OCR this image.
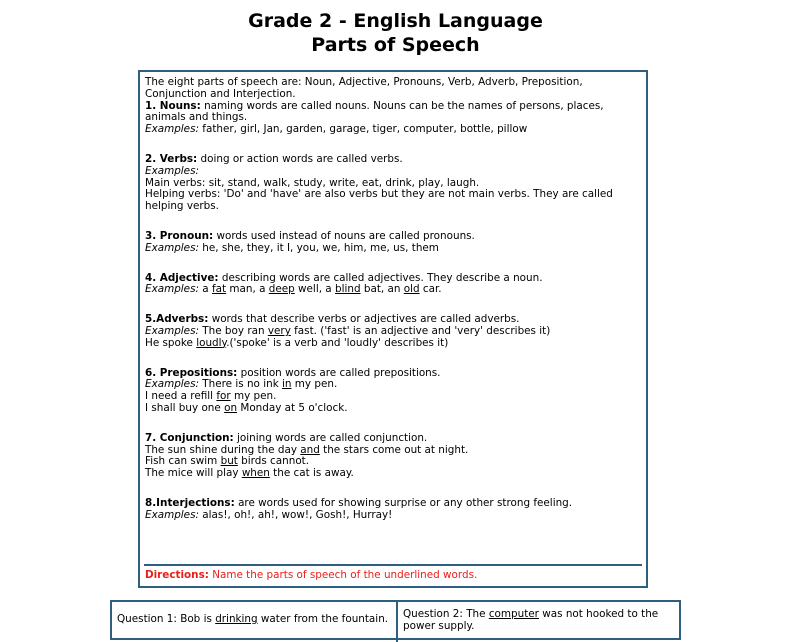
Grade 2 - English Language
Parts of Speech

The eight parts of speech are: Noun, Adjective, Pronouns, Verb, Adverb, Preposition, Conjunction and Interjection.

1. Nouns: naming words are called nouns. Nouns can be the names of persons, places, animals and things.

Examples: father, girl, Jan, garden, garage, tiger, computer, bottle, pillow

2. Verbs: doing or action words are called verbs.

Examples:

Main verbs: sit, stand, walk, study, write, eat, drink, play, laugh.

Helping verbs: 'Do' and 'have' are also verbs but they are not main verbs. They are called helping verbs.

3. Pronoun: words used instead of nouns are called pronouns.

Examples: he, she, they, it I, you, we, him, me, us, them

4. Adjective: describing words are called adjectives. They describe a noun.

Examples: a fat man, a deep well, a blind bat, an old car.

5.Adverbs: words that describe verbs or adjectives are called adverbs.

Examples: The boy ran very fast. ('fast' is an adjective and 'very' describes it)

He spoke loudly.('spoke' is a verb and 'loudly' describes it)

6. Prepositions: position words are called prepositions.

Examples: There is no ink in my pen.

I need a refill for my pen.

I shall buy one on Monday at 5 o'clock.

7. Conjunction: joining words are called conjunction.

The sun shine during the day and the stars come out at night.

Fish can swim but birds cannot.

The mice will play when the cat is away.

8.Interjections: are words used for showing surprise or any other strong feeling.

Examples: alas!, oh!, ah!, wow!, Gosh!, Hurray!

Directions: Name the parts of speech of the underlined words.
Question 1: Bob is drinking water from the fountain.	Question 2: The computer was not hooked to the power supply.
